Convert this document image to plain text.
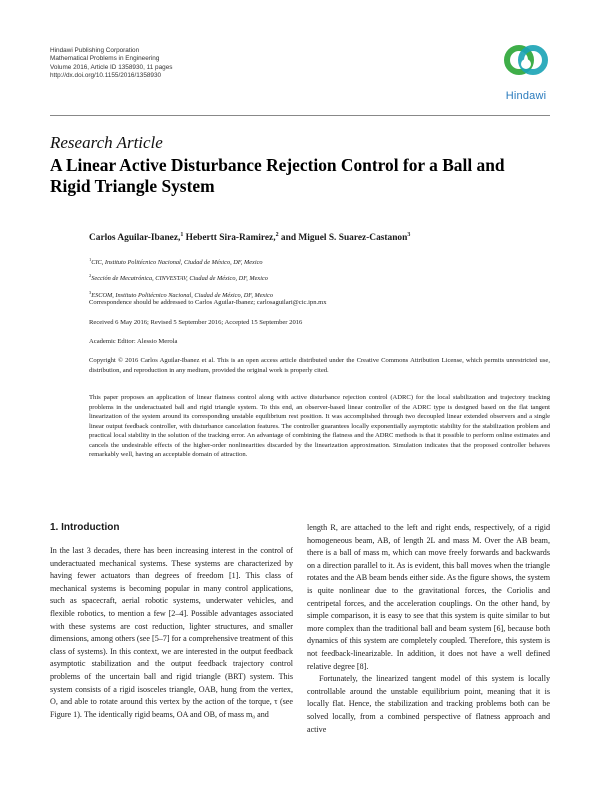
Hindawi Publishing Corporation
Mathematical Problems in Engineering
Volume 2016, Article ID 1358930, 11 pages
http://dx.doi.org/10.1155/2016/1358930
Hindawi
Research Article
A Linear Active Disturbance Rejection Control for a Ball and Rigid Triangle System
Carlos Aguilar-Ibanez,$^1$ Hebertt Sira-Ramirez,$^2$ and Miguel S. Suarez-Castanon$^3$
$^1$CIC, Instituto Politécnico Nacional, Ciudad de México, DF, Mexico
$^2$Sección de Mecatrónica, CINVESTAV, Ciudad de México, DF, Mexico
$^3$ESCOM, Instituto Politécnico Nacional, Ciudad de México, DF, Mexico
Correspondence should be addressed to Carlos Aguilar-Ibanez; carlosaguilari@cic.ipn.mx
Received 6 May 2016; Revised 5 September 2016; Accepted 15 September 2016
Academic Editor: Alessio Merola
Copyright © 2016 Carlos Aguilar-Ibanez et al. This is an open access article distributed under the Creative Commons Attribution License, which permits unrestricted use, distribution, and reproduction in any medium, provided the original work is properly cited.
This paper proposes an application of linear flatness control along with active disturbance rejection control (ADRC) for the local stabilization and trajectory tracking problems in the underactuated ball and rigid triangle system. To this end, an observer-based linear controller of the ADRC type is designed based on the flat tangent linearization of the system around its corresponding unstable equilibrium rest position. It was accomplished through two decoupled linear extended observers and a single linear output feedback controller, with disturbance cancelation features. The controller guarantees locally exponentially asymptotic stability for the stabilization problem and practical local stability in the solution of the tracking error. An advantage of combining the flatness and the ADRC methods is that it possible to perform online estimates and cancels the undesirable effects of the higher-order nonlinearities discarded by the linearization approximation. Simulation indicates that the proposed controller behaves remarkably well, having an acceptable domain of attraction.
1. Introduction

In the last 3 decades, there has been increasing interest in the control of underactuated mechanical systems. These systems are characterized by having fewer actuators than degrees of freedom [1]. This class of mechanical systems is becoming popular in many control applications, such as spacecraft, aerial robotic systems, underwater vehicles, and flexible robotics, to mention a few [2–4]. Possible advantages associated with these systems are cost reduction, lighter structures, and smaller dimensions, among others (see [5–7] for a comprehensive treatment of this class of systems). In this context, we are interested in the output feedback asymptotic stabilization and the output feedback trajectory control problems of the uncertain ball and rigid triangle (BRT) system. This system consists of a rigid isosceles triangle, OAB, hung from the vertex, O, and able to rotate around this vertex by the action of the torque, τ (see Figure 1). The identically rigid beams, OA and OB, of mass m₀ and

length R, are attached to the left and right ends, respectively, of a rigid homogeneous beam, AB, of length 2L and mass M. Over the AB beam, there is a ball of mass m, which can move freely forwards and backwards on a direction parallel to it. As is evident, this ball moves when the triangle rotates and the AB beam bends either side. As the figure shows, the system is quite nonlinear due to the gravitational forces, the Coriolis and centripetal forces, and the acceleration couplings. On the other hand, by simple comparison, it is easy to see that this system is quite similar to but more complex than the traditional ball and beam system [6], because both dynamics of this system are completely coupled. Therefore, this system is not feedback-linearizable. In addition, it does not have a well defined relative degree [8].

Fortunately, the linearized tangent model of this system is locally controllable around the unstable equilibrium point, meaning that it is locally flat. Hence, the stabilization and tracking problems both can be solved locally, from a combined perspective of flatness approach and active
